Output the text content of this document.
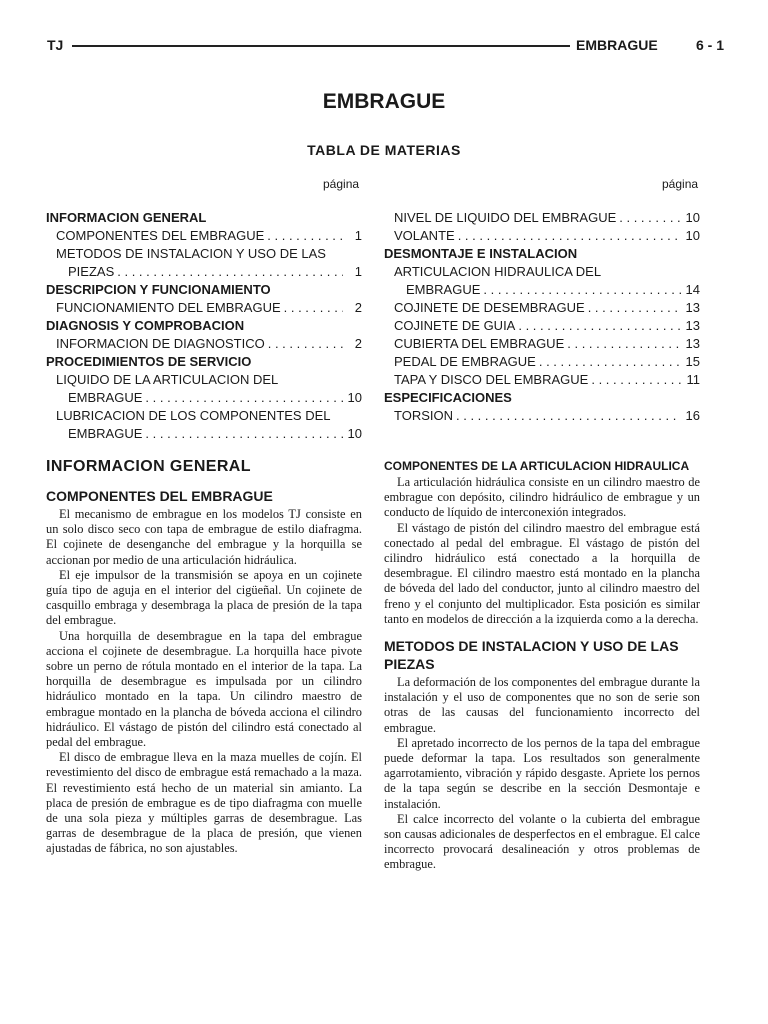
TJ	EMBRAGUE	6 - 1
EMBRAGUE
TABLA DE MATERIAS
página	página
INFORMACION GENERAL
COMPONENTES DEL EMBRAGUE . . .	1
METODOS DE INSTALACION Y USO DE LAS
PIEZAS . . .	1
DESCRIPCION Y FUNCIONAMIENTO
FUNCIONAMIENTO DEL EMBRAGUE . . .	2
DIAGNOSIS Y COMPROBACION
INFORMACION DE DIAGNOSTICO . . .	2
PROCEDIMIENTOS DE SERVICIO
LIQUIDO DE LA ARTICULACION DEL
EMBRAGUE . . .	10
LUBRICACION DE LOS COMPONENTES DEL
EMBRAGUE . . .	10
NIVEL DE LIQUIDO DEL EMBRAGUE . . .	10
VOLANTE . . .	10
DESMONTAJE E INSTALACION
ARTICULACION HIDRAULICA DEL
EMBRAGUE . . .	14
COJINETE DE DESEMBRAGUE . . .	13
COJINETE DE GUIA . . .	13
CUBIERTA DEL EMBRAGUE . . .	13
PEDAL DE EMBRAGUE . . .	15
TAPA Y DISCO DEL EMBRAGUE . . .	11
ESPECIFICACIONES
TORSION . . .	16
INFORMACION GENERAL
COMPONENTES DEL EMBRAGUE

El mecanismo de embrague en los modelos TJ consiste en un solo disco seco con tapa de embrague de estilo diafragma. El cojinete de desenganche del embrague y la horquilla se accionan por medio de una articulación hidráulica.

El eje impulsor de la transmisión se apoya en un cojinete guía tipo de aguja en el interior del cigüeñal. Un cojinete de casquillo embraga y desembraga la placa de presión de la tapa del embrague.

Una horquilla de desembrague en la tapa del embrague acciona el cojinete de desembrague. La horquilla hace pivote sobre un perno de rótula montado en el interior de la tapa. La horquilla de desembrague es impulsada por un cilindro hidráulico montado en la tapa. Un cilindro maestro de embrague montado en la plancha de bóveda acciona el cilindro hidráulico. El vástago de pistón del cilindro está conectado al pedal del embrague.

El disco de embrague lleva en la maza muelles de cojín. El revestimiento del disco de embrague está remachado a la maza. El revestimiento está hecho de un material sin amianto. La placa de presión de embrague es de tipo diafragma con muelle de una sola pieza y múltiples garras de desembrague. Las garras de desembrague de la placa de presión, que vienen ajustadas de fábrica, no son ajustables.

COMPONENTES DE LA ARTICULACION HIDRAULICA

La articulación hidráulica consiste en un cilindro maestro de embrague con depósito, cilindro hidráulico de embrague y un conducto de líquido de interconexión integrados.

El vástago de pistón del cilindro maestro del embrague está conectado al pedal del embrague. El vástago de pistón del cilindro hidráulico está conectado a la horquilla de desembrague. El cilindro maestro está montado en la plancha de bóveda del lado del conductor, junto al cilindro maestro del freno y el conjunto del multiplicador. Esta posición es similar tanto en modelos de dirección a la izquierda como a la derecha.

METODOS DE INSTALACION Y USO DE LAS PIEZAS

La deformación de los componentes del embrague durante la instalación y el uso de componentes que no son de serie son otras de las causas del funcionamiento incorrecto del embrague.

El apretado incorrecto de los pernos de la tapa del embrague puede deformar la tapa. Los resultados son generalmente agarrotamiento, vibración y rápido desgaste. Apriete los pernos de la tapa según se describe en la sección Desmontaje e instalación.

El calce incorrecto del volante o la cubierta del embrague son causas adicionales de desperfectos en el embrague. El calce incorrecto provocará desalineación y otros problemas de embrague.
